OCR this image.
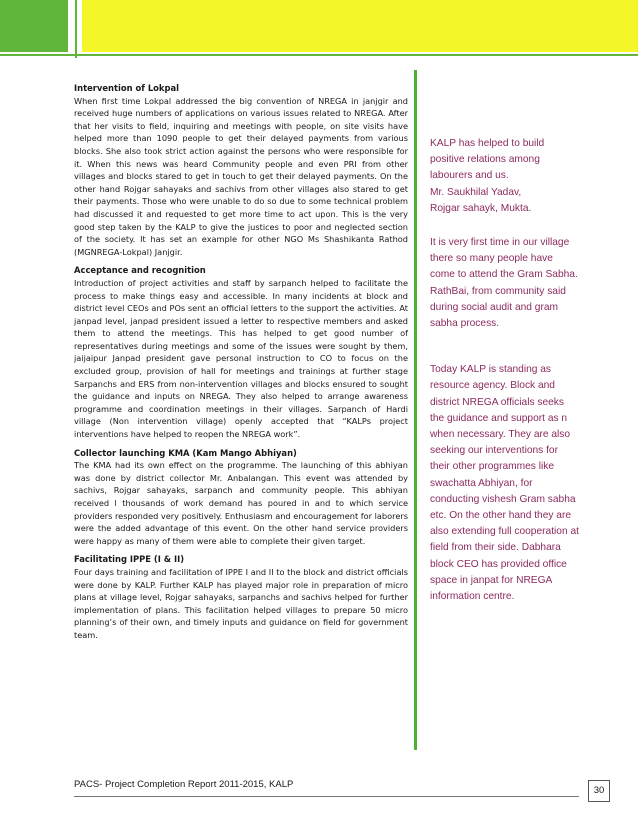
Intervention of Lokpal

When first time Lokpal addressed the big convention of NREGA in janjgir and received huge numbers of applications on various issues related to NREGA. After that her visits to field, inquiring and meetings with people, on site visits have helped more than 1090 people to get their delayed payments from various blocks. She also took strict action against the persons who were responsible for it. When this news was heard Community people and even PRI from other villages and blocks stared to get in touch to get their delayed payments. On the other hand Rojgar sahayaks and sachivs from other villages also stared to get their payments. Those who were unable to do so due to some technical problem had discussed it and requested to get more time to act upon. This is the very good step taken by the KALP to give the justices to poor and neglected section of the society. It has set an example for other NGO Ms Shashikanta Rathod (MGNREGA-Lokpal) Janjgir.

Acceptance and recognition

Introduction of project activities and staff by sarpanch helped to facilitate the process to make things easy and accessible. In many incidents at block and district level CEOs and POs sent an official letters to the support the activities. At janpad level, janpad president issued a letter to respective members and asked them to attend the meetings. This has helped to get good number of representatives during meetings and some of the issues were sought by them, jaijaipur Janpad president gave personal instruction to CO to focus on the excluded group, provision of hall for meetings and trainings at further stage Sarpanchs and ERS from non-intervention villages and blocks ensured to sought the guidance and inputs on NREGA. They also helped to arrange awareness programme and coordination meetings in their villages. Sarpanch of Hardi village (Non intervention village) openly accepted that “KALPs project interventions have helped to reopen the NREGA work”.

Collector launching KMA (Kam Mango Abhiyan)

The KMA had its own effect on the programme. The launching of this abhiyan was done by district collector Mr. Anbalangan. This event was attended by sachivs, Rojgar sahayaks, sarpanch and community people. This abhiyan received l thousands of work demand has poured in and to which service providers responded very positively. Enthusiasm and encouragement for laborers were the added advantage of this event. On the other hand service providers were happy as many of them were able to complete their given target.

Facilitating IPPE (I & II)

Four days training and facilitation of IPPE I and II to the block and district officials were done by KALP. Further KALP has played major role in preparation of micro plans at village level, Rojgar sahayaks, sarpanchs and sachivs helped for further implementation of plans. This facilitation helped villages to prepare 50 micro planning’s of their own, and timely inputs and guidance on field for government team.

KALP has helped to build positive relations among labourers and us.

Mr. Saukhilal Yadav,

Rojgar sahayk, Mukta.

It is very first time in our village there so many people have come to attend the Gram Sabha.

RathBai, from community said during social audit and gram sabha process.

Today KALP is standing as resource agency. Block and district NREGA officials seeks the guidance and support as n when necessary. They are also seeking our interventions for their other programmes like swachatta Abhiyan, for conducting vishesh Gram sabha etc. On the other hand they are also extending full cooperation at field from their side. Dabhara block CEO has provided office space in janpat for NREGA information centre.

PACS- Project Completion Report 2011-2015, KALP
30
